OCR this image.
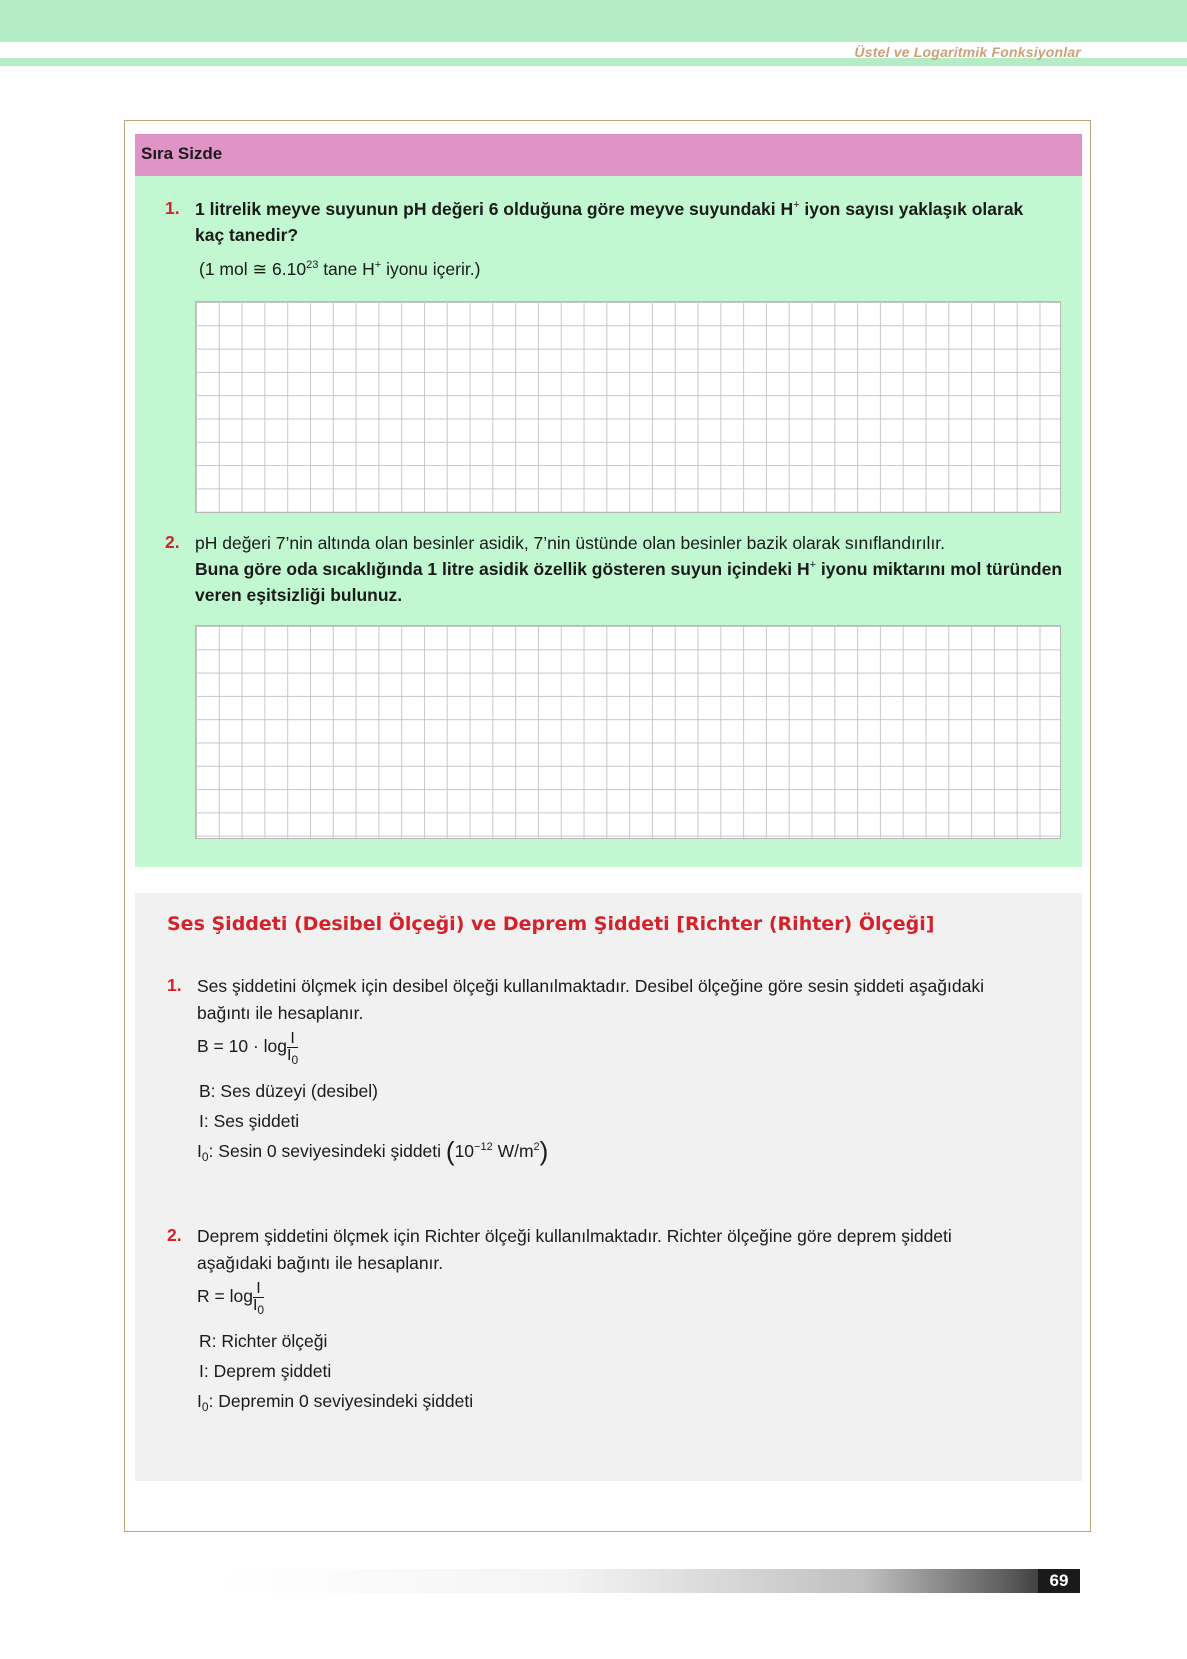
Üstel ve Logaritmik Fonksiyonlar
Sıra Sizde
1. 1 litrelik meyve suyunun pH değeri 6 olduğuna göre meyve suyundaki H+ iyon sayısı yaklaşık olarak
kaç tanedir?
(1 mol ≅ 6.10$^{23}$ tane H+ iyonu içerir.)
2. pH değeri 7’nin altında olan besinler asidik, 7’nin üstünde olan besinler bazik olarak sınıflandırılır.
Buna göre oda sıcaklığında 1 litre asidik özellik gösteren suyun içindeki H+ iyonu miktarını mol türünden
veren eşitsizliği bulunuz.
Ses Şiddeti (Desibel Ölçeği) ve Deprem Şiddeti [Richter (Rihter) Ölçeği]
1. Ses şiddetini ölçmek için desibel ölçeği kullanılmaktadır. Desibel ölçeğine göre sesin şiddeti aşağıdaki
bağıntı ile hesaplanır.
$B = 10 \cdot \log \frac{I}{I_0}$
B: Ses düzeyi (desibel)
I: Ses şiddeti
$I_0$: Sesin 0 seviyesindeki şiddeti ($10^{-12}$ $W/m^2$)
2. Deprem şiddetini ölçmek için Richter ölçeği kullanılmaktadır. Richter ölçeğine göre deprem şiddeti
aşağıdaki bağıntı ile hesaplanır.
$R = \log \frac{I}{I_0}$
R: Richter ölçeği
I: Deprem şiddeti
$I_0$: Depremin 0 seviyesindeki şiddeti
69
